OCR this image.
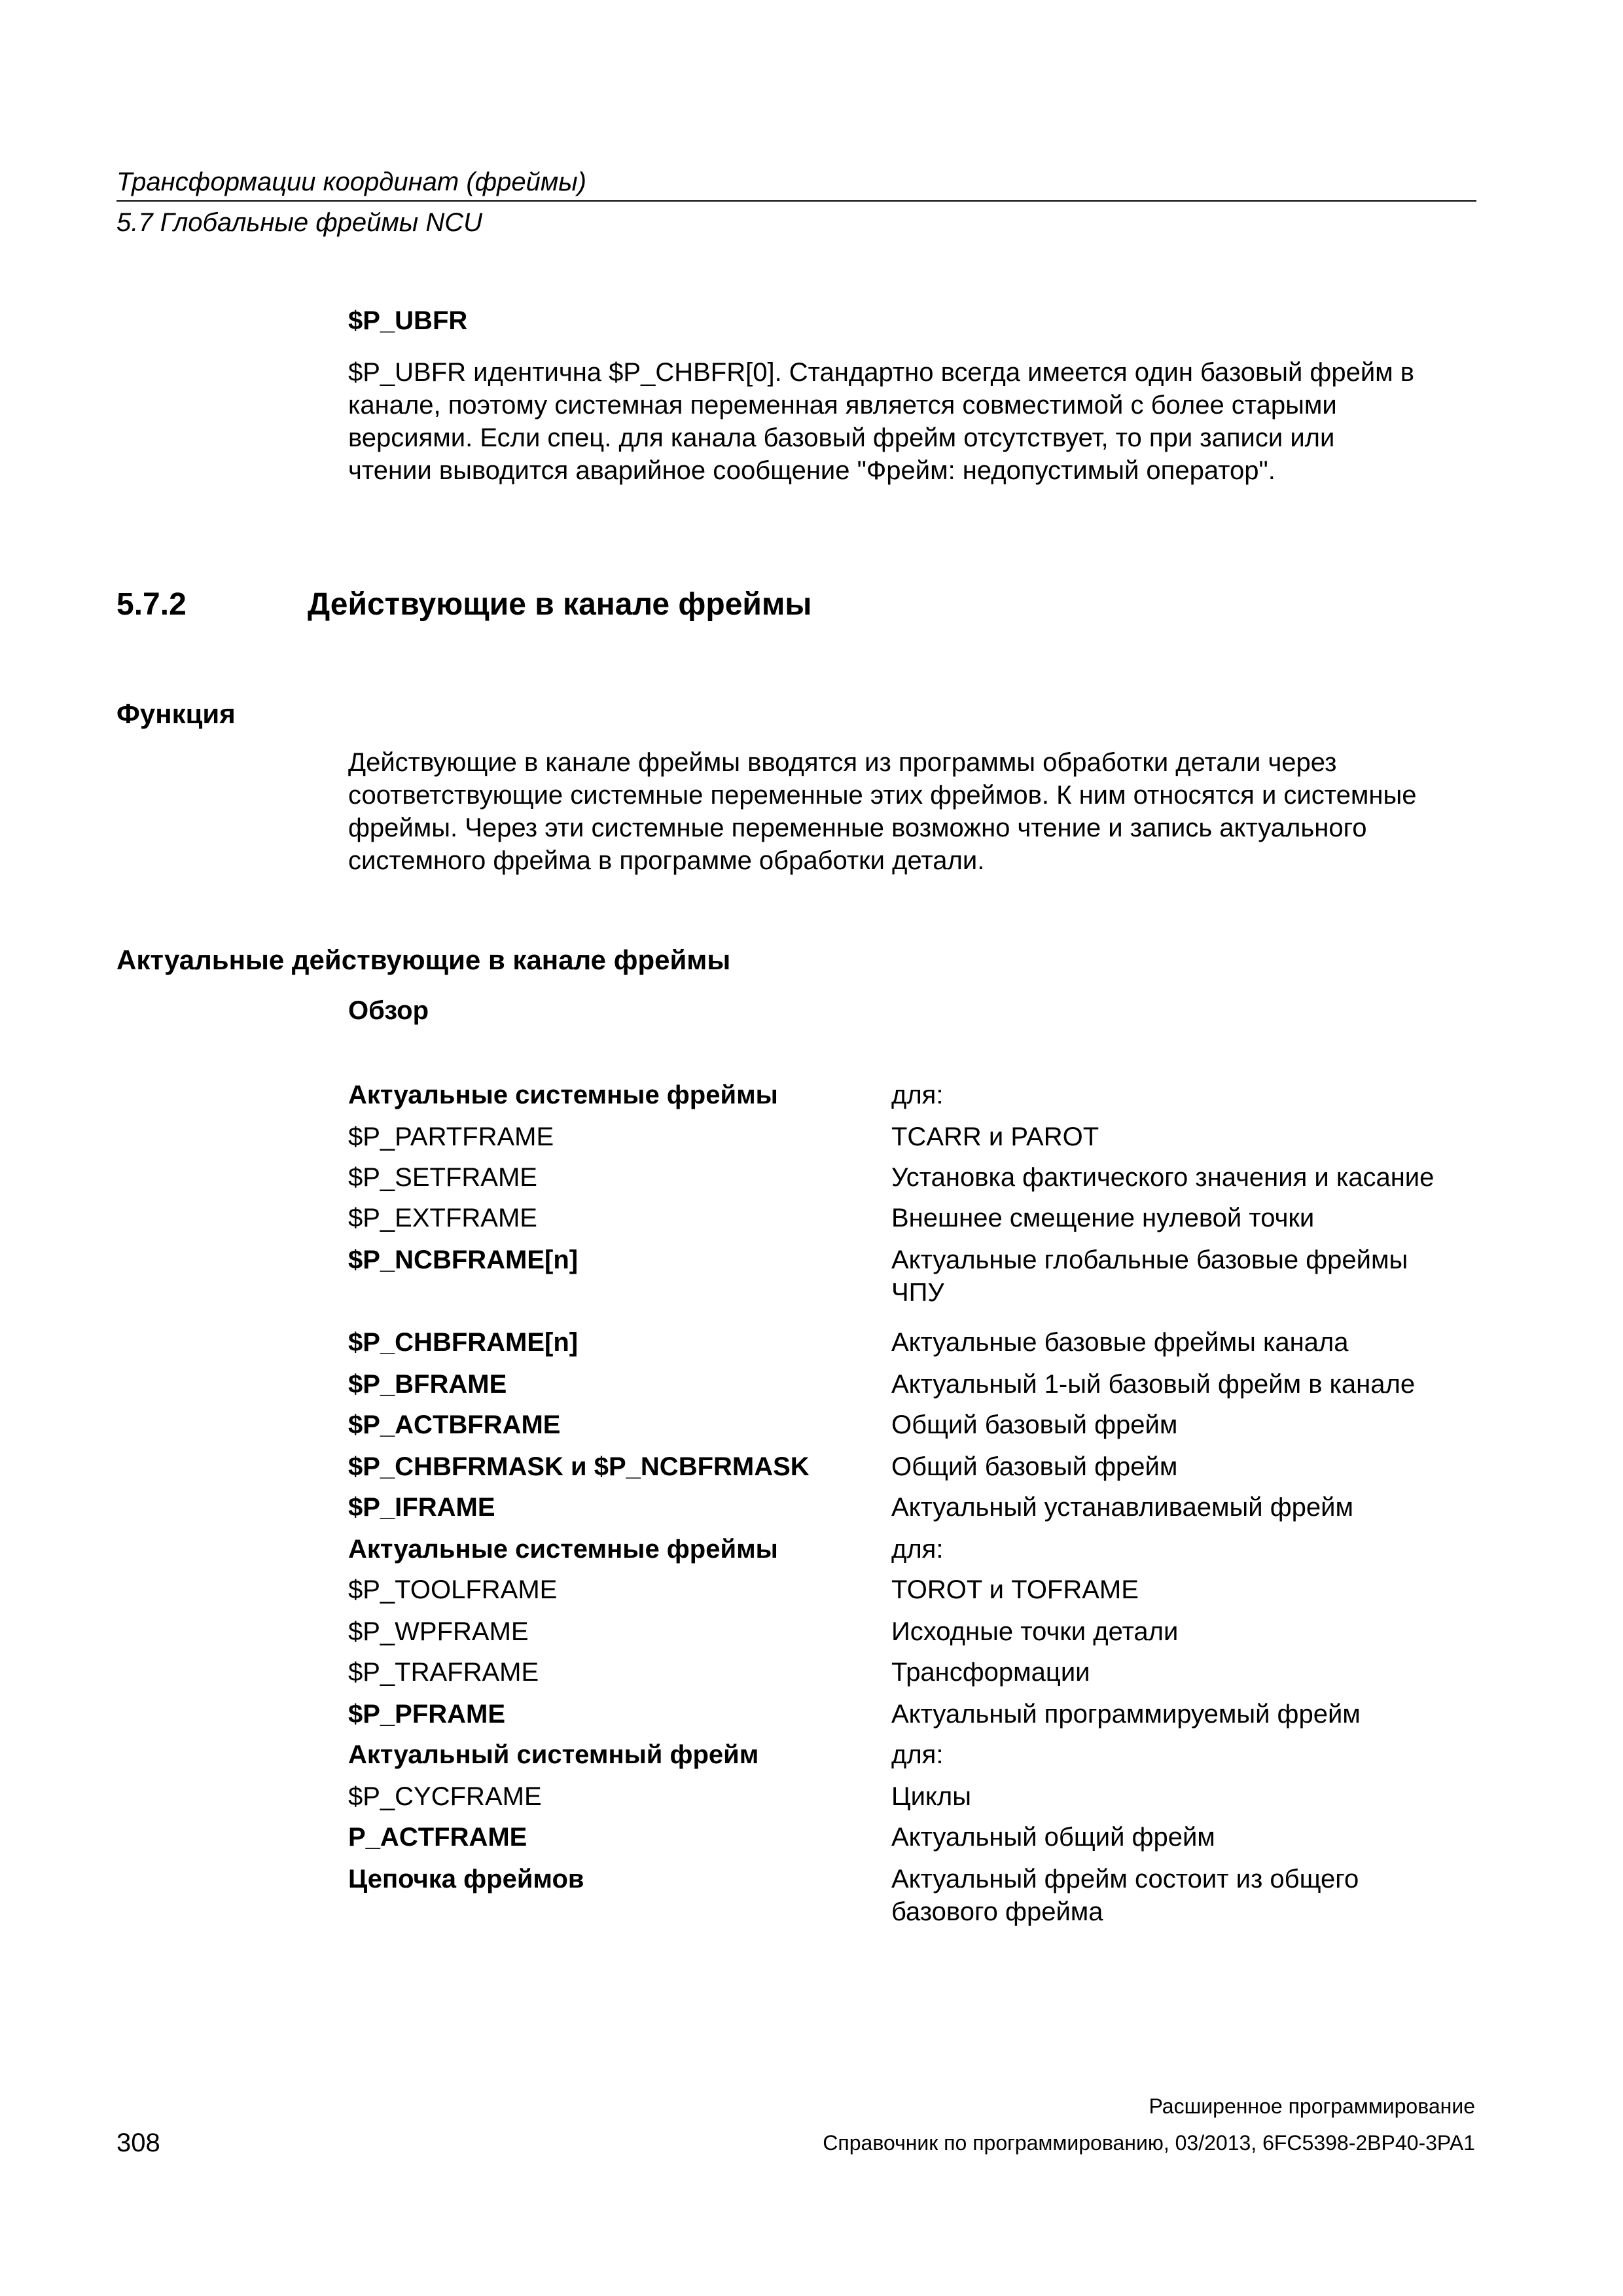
Трансформации координат (фреймы)
5.7 Глобальные фреймы NCU
$P_UBFR

$P_UBFR идентична $P_CHBFR[0]. Стандартно всегда имеется один базовый фрейм в

канале, поэтому системная переменная является совместимой с более старыми

версиями. Если спец. для канала базовый фрейм отсутствует, то при записи или

чтении выводится аварийное сообщение "Фрейм: недопустимый оператор".

5.7.2	Действующие в канале фреймы
Функция

Действующие в канале фреймы вводятся из программы обработки детали через

соответствующие системные переменные этих фреймов. К ним относятся и системные

фреймы. Через эти системные переменные возможно чтение и запись актуального

системного фрейма в программе обработки детали.

Актуальные действующие в канале фреймы
Обзор
Актуальные системные фреймы	для:
$P_PARTFRAME	TCARR и PAROT
$P_SETFRAME	Установка фактического значения и касание
$P_EXTFRAME	Внешнее смещение нулевой точки
$P_NCBFRAME[n]	Актуальные глобальные базовые фреймы
ЧПУ
$P_CHBFRAME[n]	Актуальные базовые фреймы канала
$P_BFRAME	Актуальный 1-ый базовый фрейм в канале
$P_ACTBFRAME	Общий базовый фрейм
$P_CHBFRMASK и $P_NCBFRMASK	Общий базовый фрейм
$P_IFRAME	Актуальный устанавливаемый фрейм
Актуальные системные фреймы	для:
$P_TOOLFRAME	TOROT и TOFRAME
$P_WPFRAME	Исходные точки детали
$P_TRAFRAME	Трансформации
$P_PFRAME	Актуальный программируемый фрейм
Актуальный системный фрейм	для:
$P_CYCFRAME	Циклы
P_ACTFRAME	Актуальный общий фрейм
Цепочка фреймов	Актуальный фрейм состоит из общего
базового фрейма
Расширенное программирование
308	Справочник по программированию, 03/2013, 6FC5398-2BP40-3PA1
